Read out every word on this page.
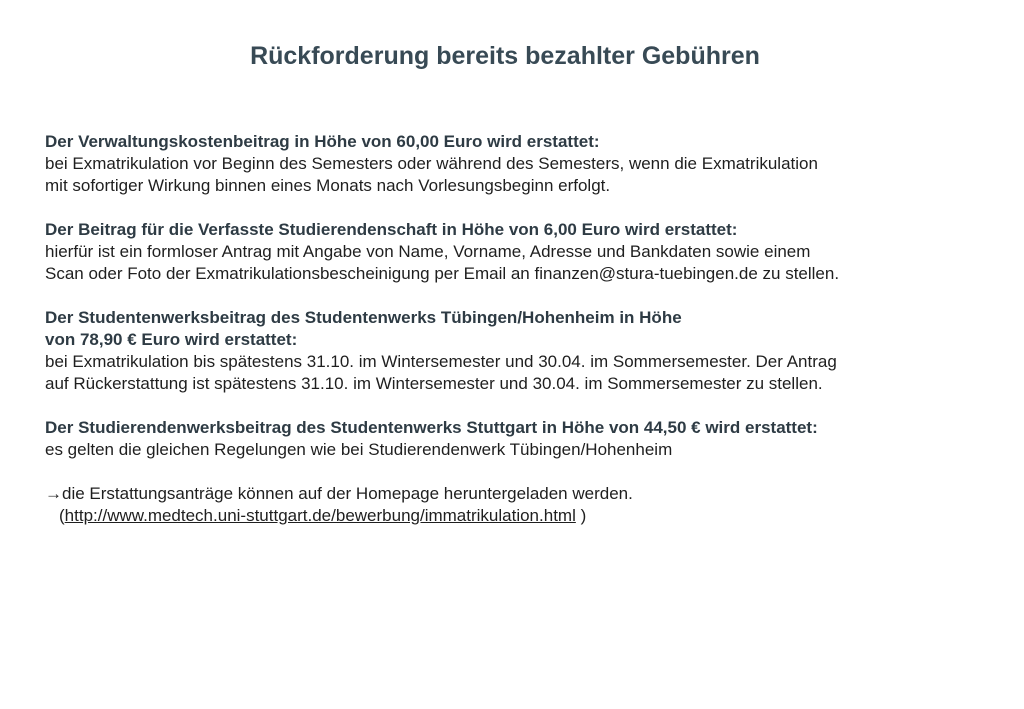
Rückforderung bereits bezahlter Gebühren
Der Verwaltungskostenbeitrag in Höhe von 60,00 Euro wird erstattet:
bei Exmatrikulation vor Beginn des Semesters oder während des Semesters, wenn die Exmatrikulation
mit sofortiger Wirkung binnen eines Monats nach Vorlesungsbeginn erfolgt.
Der Beitrag für die Verfasste Studierendenschaft in Höhe von 6,00 Euro wird erstattet:
hierfür ist ein formloser Antrag mit Angabe von Name, Vorname, Adresse und Bankdaten sowie einem
Scan oder Foto der Exmatrikulationsbescheinigung per Email an finanzen@stura-tuebingen.de zu stellen.
Der Studentenwerksbeitrag des Studentenwerks Tübingen/Hohenheim in Höhe
von 78,90 € Euro wird erstattet:
bei Exmatrikulation bis spätestens 31.10. im Wintersemester und 30.04. im Sommersemester. Der Antrag
auf Rückerstattung ist spätestens 31.10. im Wintersemester und 30.04. im Sommersemester zu stellen.
Der Studierendenwerksbeitrag des Studentenwerks Stuttgart in Höhe von 44,50 € wird erstattet:
es gelten die gleichen Regelungen wie bei Studierendenwerk Tübingen/Hohenheim
→die Erstattungsanträge können auf der Homepage heruntergeladen werden.
(http://www.medtech.uni-stuttgart.de/bewerbung/immatrikulation.html )
